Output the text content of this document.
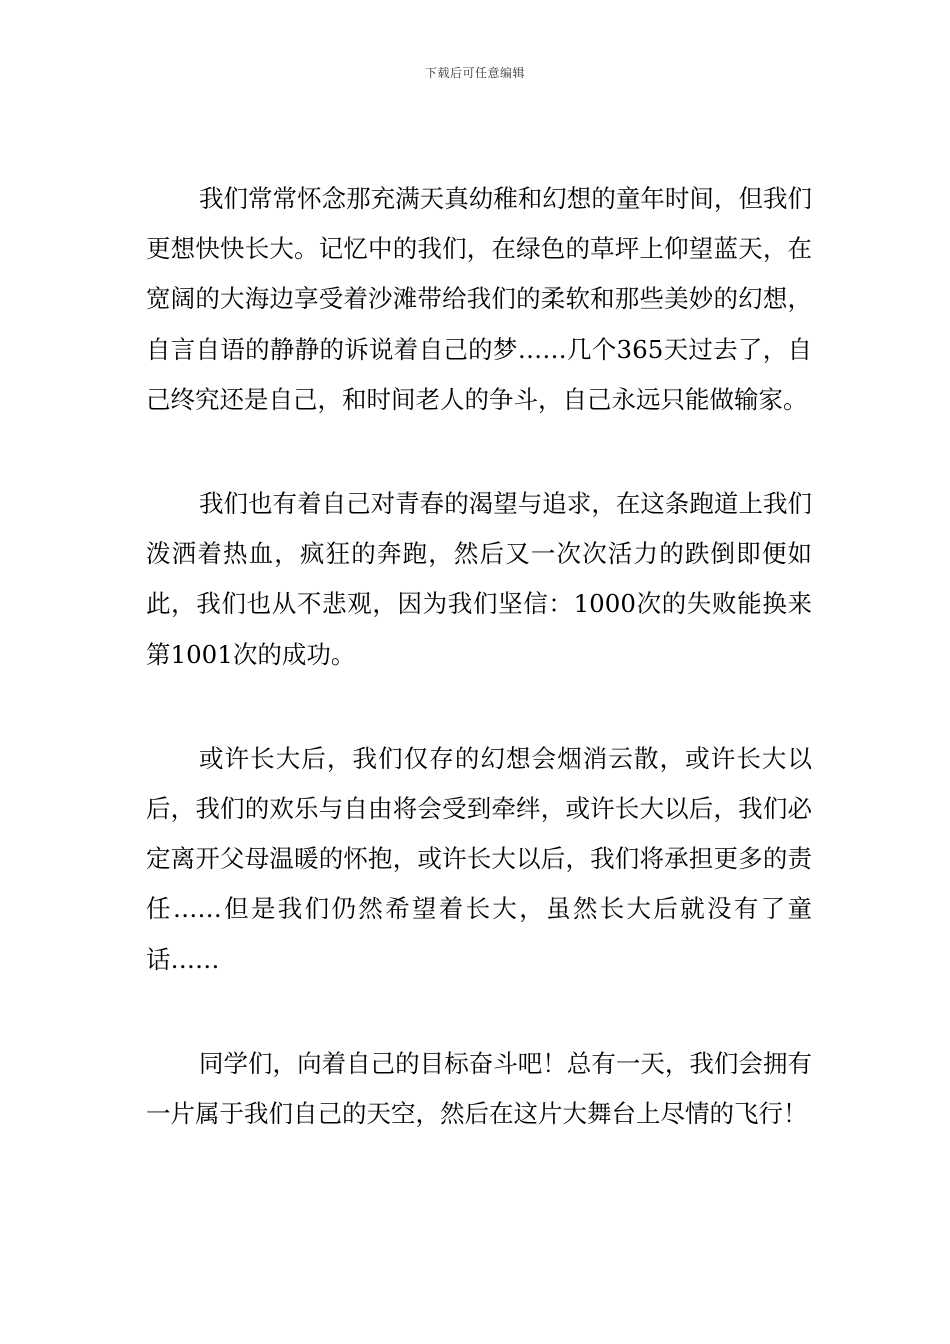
下载后可任意编辑

我们常常怀念那充满天真幼稚和幻想的童年时间，但我们更想快快长大。记忆中的我们，在绿色的草坪上仰望蓝天，在宽阔的大海边享受着沙滩带给我们的柔软和那些美妙的幻想，自言自语的静静的诉说着自己的梦……几个365天过去了，自己终究还是自己，和时间老人的争斗，自己永远只能做输家。

我们也有着自己对青春的渴望与追求，在这条跑道上我们泼洒着热血，疯狂的奔跑，然后又一次次活力的跌倒即便如此，我们也从不悲观，因为我们坚信：1000次的失败能换来第1001次的成功。

或许长大后，我们仅存的幻想会烟消云散，或许长大以后，我们的欢乐与自由将会受到牵绊，或许长大以后，我们必定离开父母温暖的怀抱，或许长大以后，我们将承担更多的责任……但是我们仍然希望着长大，虽然长大后就没有了童话……

同学们，向着自己的目标奋斗吧！总有一天，我们会拥有一片属于我们自己的天空，然后在这片大舞台上尽情的飞行！
